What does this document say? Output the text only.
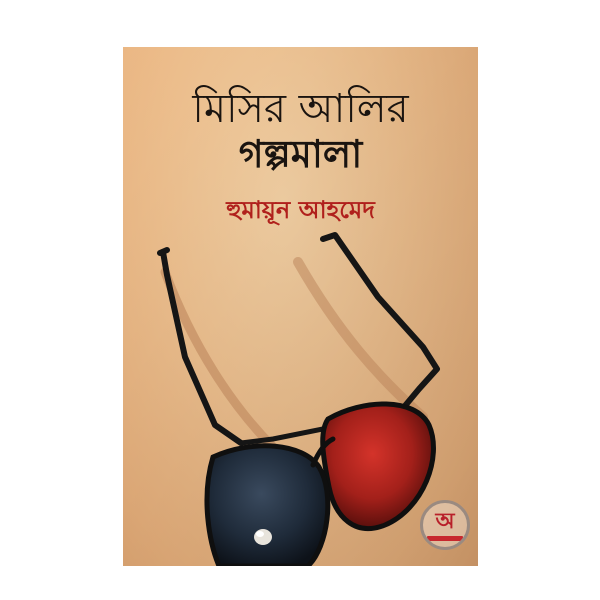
মিসির আলির
গল্পমালা
হুমায়ূন আহমেদ
অ
